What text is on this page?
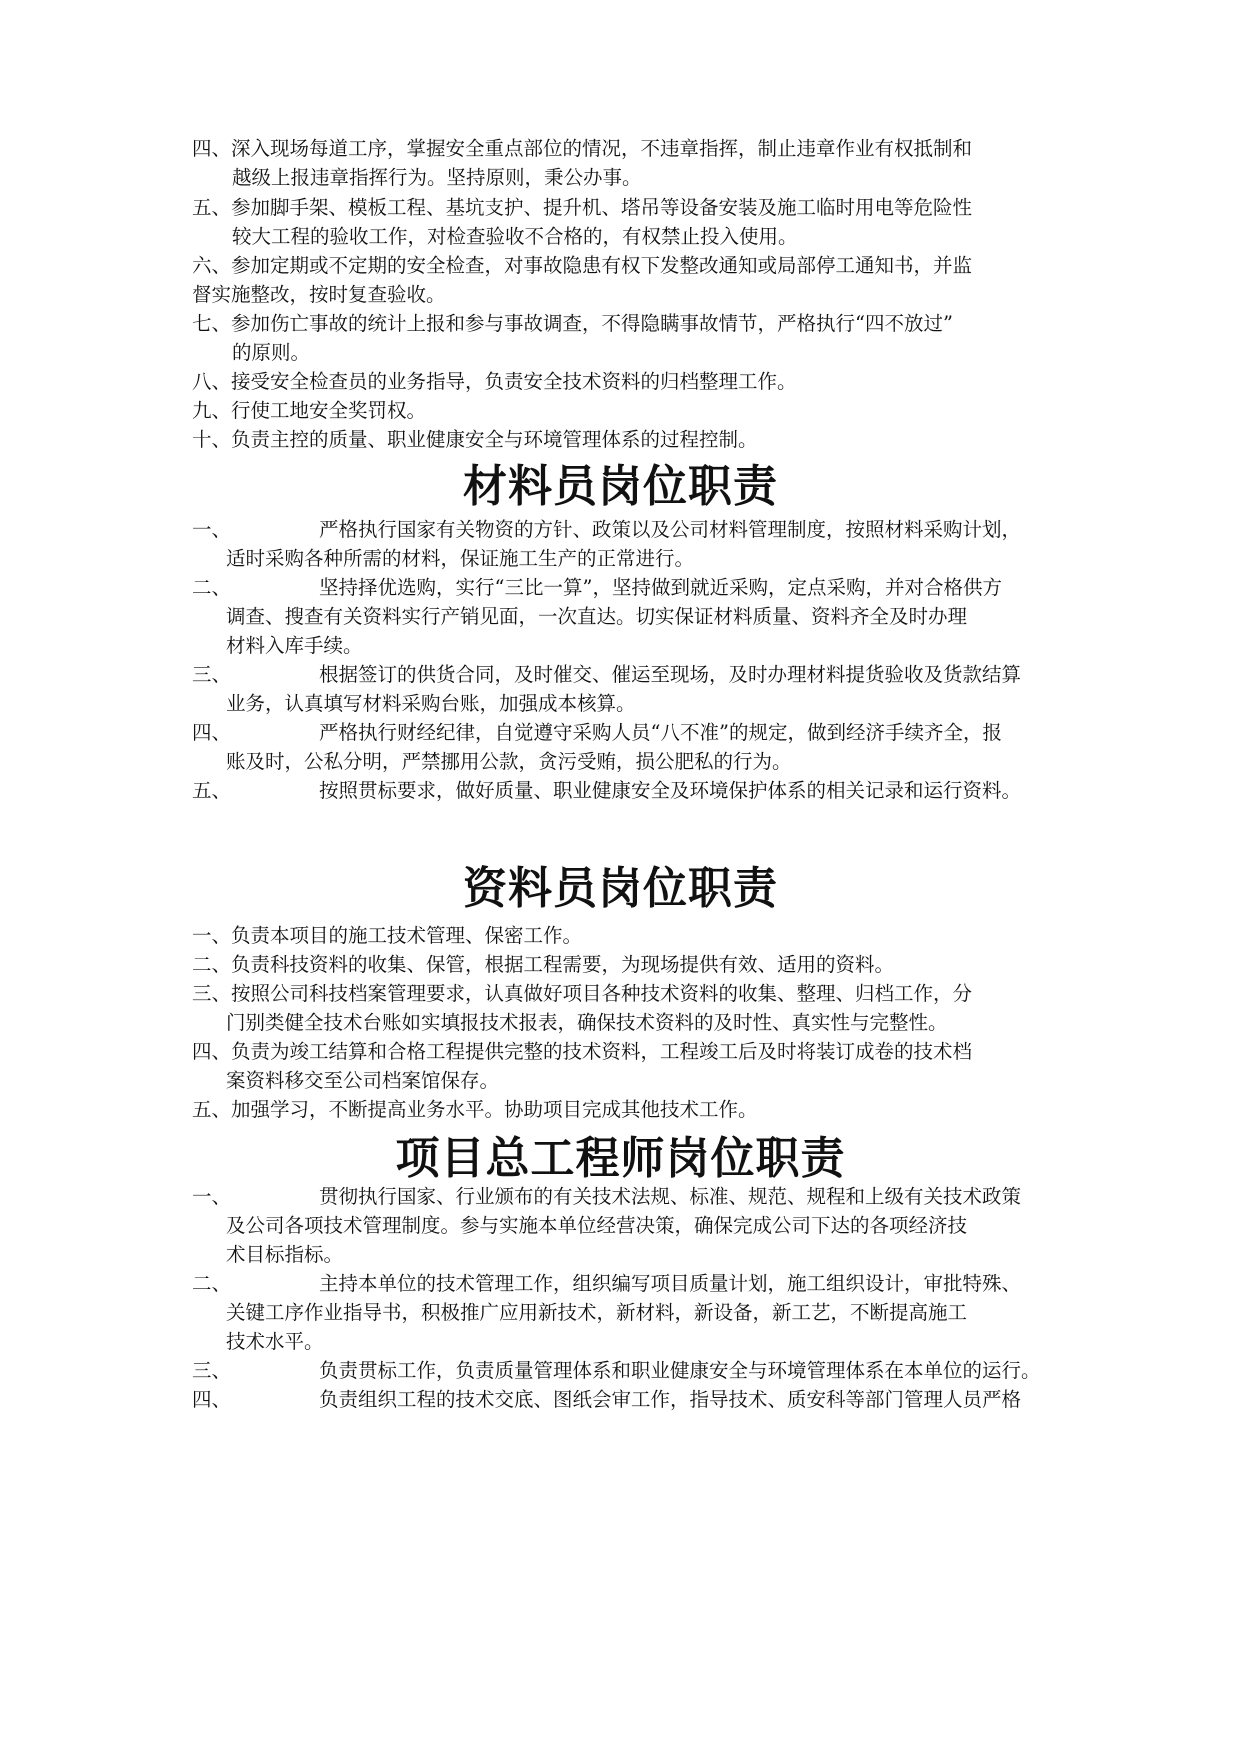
四、深入现场每道工序，掌握安全重点部位的情况，不违章指挥，制止违章作业有权抵制和
越级上报违章指挥行为。坚持原则，秉公办事。
五、参加脚手架、模板工程、基坑支护、提升机、塔吊等设备安装及施工临时用电等危险性
较大工程的验收工作，对检查验收不合格的，有权禁止投入使用。
六、参加定期或不定期的安全检查，对事故隐患有权下发整改通知或局部停工通知书，并监
督实施整改，按时复查验收。
七、参加伤亡事故的统计上报和参与事故调查，不得隐瞒事故情节，严格执行“四不放过”
的原则。
八、接受安全检查员的业务指导，负责安全技术资料的归档整理工作。
九、行使工地安全奖罚权。
十、负责主控的质量、职业健康安全与环境管理体系的过程控制。
材料员岗位职责
一、	严格执行国家有关物资的方针、政策以及公司材料管理制度，按照材料采购计划，
适时采购各种所需的材料，保证施工生产的正常进行。
二、	坚持择优选购，实行“三比一算”，坚持做到就近采购，定点采购，并对合格供方
调查、搜查有关资料实行产销见面，一次直达。切实保证材料质量、资料齐全及时办理
材料入库手续。
三、	根据签订的供货合同，及时催交、催运至现场，及时办理材料提货验收及货款结算
业务，认真填写材料采购台账，加强成本核算。
四、	严格执行财经纪律，自觉遵守采购人员“八不准”的规定，做到经济手续齐全，报
账及时，公私分明，严禁挪用公款，贪污受贿，损公肥私的行为。
五、	按照贯标要求，做好质量、职业健康安全及环境保护体系的相关记录和运行资料。
资料员岗位职责
一、负责本项目的施工技术管理、保密工作。
二、负责科技资料的收集、保管，根据工程需要，为现场提供有效、适用的资料。
三、按照公司科技档案管理要求，认真做好项目各种技术资料的收集、整理、归档工作，分
门别类健全技术台账如实填报技术报表，确保技术资料的及时性、真实性与完整性。
四、负责为竣工结算和合格工程提供完整的技术资料，工程竣工后及时将装订成卷的技术档
案资料移交至公司档案馆保存。
五、加强学习，不断提高业务水平。协助项目完成其他技术工作。
项目总工程师岗位职责
一、	贯彻执行国家、行业颁布的有关技术法规、标准、规范、规程和上级有关技术政策
及公司各项技术管理制度。参与实施本单位经营决策，确保完成公司下达的各项经济技
术目标指标。
二、	主持本单位的技术管理工作，组织编写项目质量计划，施工组织设计，审批特殊、
关键工序作业指导书，积极推广应用新技术，新材料，新设备，新工艺，不断提高施工
技术水平。
三、	负责贯标工作，负责质量管理体系和职业健康安全与环境管理体系在本单位的运行。
四、	负责组织工程的技术交底、图纸会审工作，指导技术、质安科等部门管理人员严格
